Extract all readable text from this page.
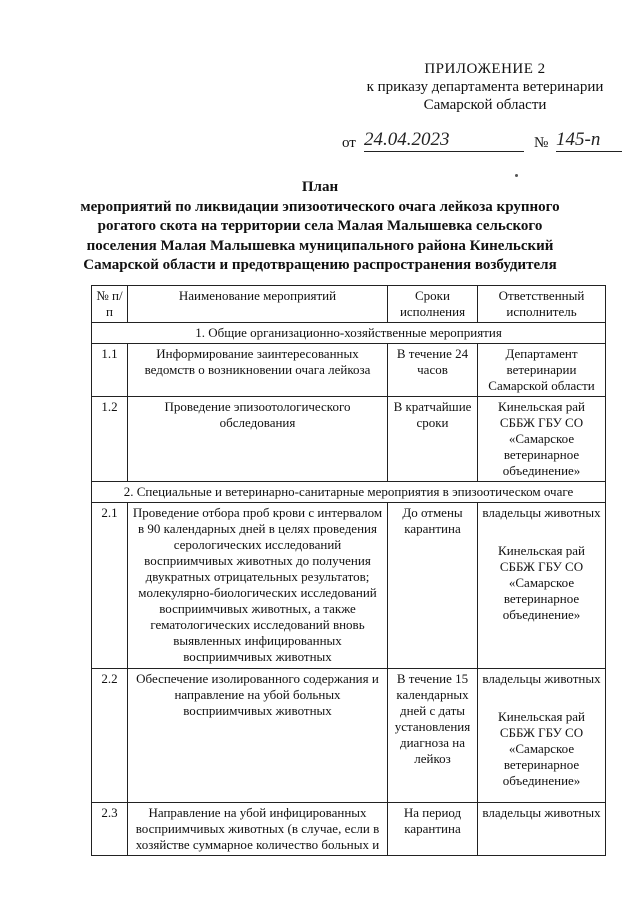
ПРИЛОЖЕНИЕ 2
к приказу департамента ветеринарии
Самарской области
от 24.04.2023	№ 145-п
План
мероприятий по ликвидации эпизоотического очага лейкоза крупного рогатого скота на территории села Малая Малышевка сельского поселения Малая Малышевка муниципального района Кинельский Самарской области и предотвращению распространения возбудителя
№ п/п	Наименование мероприятий	Сроки исполнения	Ответственный исполнитель
1. Общие организационно-хозяйственные мероприятия			
1.1	Информирование заинтересованных ведомств о возникновении очага лейкоза	В течение 24 часов	Департамент ветеринарии Самарской области
1.2	Проведение эпизоотологического обследования	В кратчайшие сроки	Кинельская рай СББЖ ГБУ СО «Самарское ветеринарное объединение»
2. Специальные и ветеринарно-санитарные мероприятия в эпизоотическом очаге			
2.1	Проведение отбора проб крови с интервалом в 90 календарных дней в целях проведения серологических исследований восприимчивых животных до получения двукратных отрицательных результатов; молекулярно-биологических исследований восприимчивых животных, а также гематологических исследований вновь выявленных инфицированных восприимчивых животных	До отмены карантина	владельцы животных
Кинельская рай СББЖ ГБУ СО «Самарское ветеринарное объединение»
2.2	Обеспечение изолированного содержания и направление на убой больных восприимчивых животных	В течение 15 календарных дней с даты установления диагноза на лейкоз	владельцы животных
Кинельская рай СББЖ ГБУ СО «Самарское ветеринарное объединение»
2.3	Направление на убой инфицированных восприимчивых животных (в случае, если в хозяйстве суммарное количество больных и	На период карантина	владельцы животных
